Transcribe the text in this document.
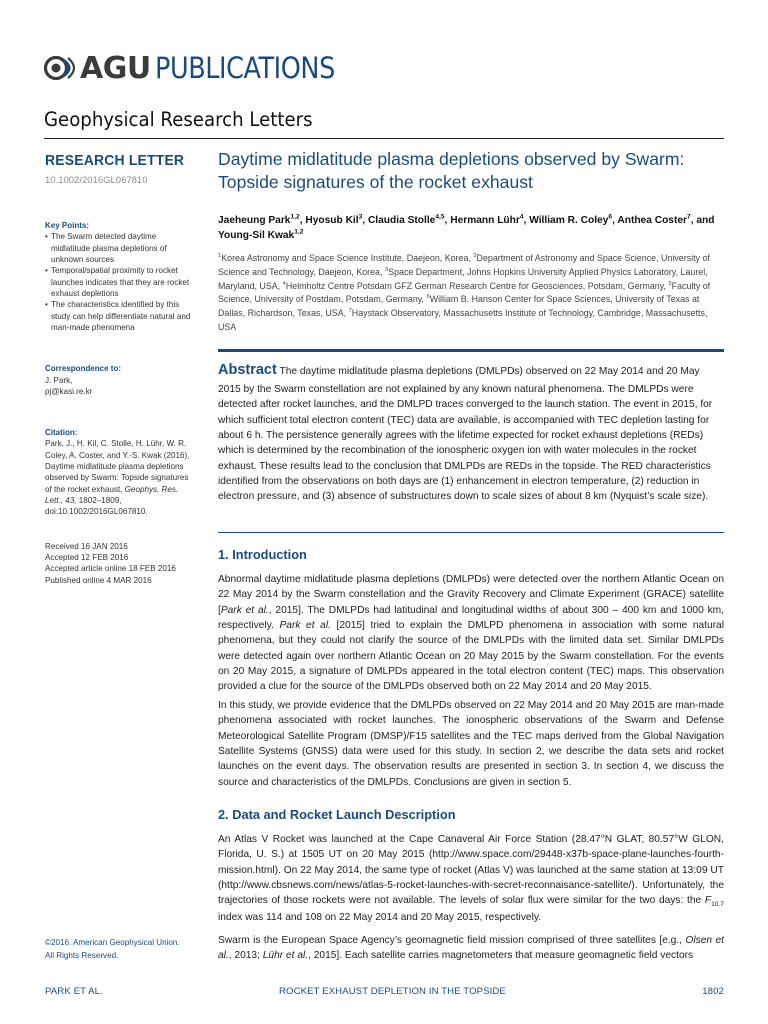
AGU PUBLICATIONS
Geophysical Research Letters
RESEARCH LETTER
10.1002/2016GL067810
Key Points:
• The Swarm detected daytime midlatitude plasma depletions of unknown sources
• Temporal/spatial proximity to rocket launches indicates that they are rocket exhaust depletions
• The characteristics identified by this study can help differentiate natural and man-made phenomena
Correspondence to:
J. Park,
pj@kasi.re.kr
Citation:
Park, J., H. Kil, C. Stolle, H. Lühr, W. R. Coley, A. Coster, and Y.-S. Kwak (2016), Daytime midlatitude plasma depletions observed by Swarm: Topside signatures of the rocket exhaust, Geophys. Res. Lett., 43, 1802–1809, doi:10.1002/2016GL067810.
Received 16 JAN 2016
Accepted 12 FEB 2016
Accepted article online 18 FEB 2016
Published online 4 MAR 2016
©2016. American Geophysical Union.
All Rights Reserved.
Daytime midlatitude plasma depletions observed by Swarm: Topside signatures of the rocket exhaust
Jaeheung Park$^{1,2}$, Hyosub Kil$^3$, Claudia Stolle$^{4,5}$, Hermann Lühr$^4$, William R. Coley$^6$, Anthea Coster$^7$, and Young-Sil Kwak$^{1,2}$
$^1$Korea Astronomy and Space Science Institute, Daejeon, Korea, $^2$Department of Astronomy and Space Science, University of Science and Technology, Daejeon, Korea, $^3$Space Department, Johns Hopkins University Applied Physics Laboratory, Laurel, Maryland, USA, $^4$Helmholtz Centre Potsdam GFZ German Research Centre for Geosciences, Potsdam, Germany, $^5$Faculty of Science, University of Postdam, Potsdam, Germany, $^6$William B. Hanson Center for Space Sciences, University of Texas at Dallas, Richardson, Texas, USA, $^7$Haystack Observatory, Massachusetts Institute of Technology, Cambridge, Massachusetts, USA
Abstract The daytime midlatitude plasma depletions (DMLPDs) observed on 22 May 2014 and 20 May 2015 by the Swarm constellation are not explained by any known natural phenomena. The DMLPDs were detected after rocket launches, and the DMLPD traces converged to the launch station. The event in 2015, for which sufficient total electron content (TEC) data are available, is accompanied with TEC depletion lasting for about 6 h. The persistence generally agrees with the lifetime expected for rocket exhaust depletions (REDs) which is determined by the recombination of the ionospheric oxygen ion with water molecules in the rocket exhaust. These results lead to the conclusion that DMLPDs are REDs in the topside. The RED characteristics identified from the observations on both days are (1) enhancement in electron temperature, (2) reduction in electron pressure, and (3) absence of substructures down to scale sizes of about 8 km (Nyquist’s scale size).
1. Introduction

Abnormal daytime midlatitude plasma depletions (DMLPDs) were detected over the northern Atlantic Ocean on 22 May 2014 by the Swarm constellation and the Gravity Recovery and Climate Experiment (GRACE) satellite [Park et al., 2015]. The DMLPDs had latitudinal and longitudinal widths of about 300 – 400 km and 1000 km, respectively. Park et al. [2015] tried to explain the DMLPD phenomena in association with some natural phenomena, but they could not clarify the source of the DMLPDs with the limited data set. Similar DMLPDs were detected again over northern Atlantic Ocean on 20 May 2015 by the Swarm constellation. For the events on 20 May 2015, a signature of DMLPDs appeared in the total electron content (TEC) maps. This observation provided a clue for the source of the DMLPDs observed both on 22 May 2014 and 20 May 2015.

In this study, we provide evidence that the DMLPDs observed on 22 May 2014 and 20 May 2015 are man-made phenomena associated with rocket launches. The ionospheric observations of the Swarm and Defense Meteorological Satellite Program (DMSP)/F15 satellites and the TEC maps derived from the Global Navigation Satellite Systems (GNSS) data were used for this study. In section 2, we describe the data sets and rocket launches on the event days. The observation results are presented in section 3. In section 4, we discuss the source and characteristics of the DMLPDs. Conclusions are given in section 5.

2. Data and Rocket Launch Description

An Atlas V Rocket was launched at the Cape Canaveral Air Force Station (28.47°N GLAT, 80.57°W GLON, Florida, U. S.) at 1505 UT on 20 May 2015 (http://www.space.com/29448-x37b-space-plane-launches-fourth-mission.html). On 22 May 2014, the same type of rocket (Atlas V) was launched at the same station at 13:09 UT (http://www.cbsnews.com/news/atlas-5-rocket-launches-with-secret-reconnaisance-satellite/). Unfortunately, the trajectories of those rockets were not available. The levels of solar flux were similar for the two days: the $F_{10.7}$ index was 114 and 108 on 22 May 2014 and 20 May 2015, respectively.

Swarm is the European Space Agency’s geomagnetic field mission comprised of three satellites [e.g., Olsen et al., 2013; Lühr et al., 2015]. Each satellite carries magnetometers that measure geomagnetic field vectors

PARK ET AL.	ROCKET EXHAUST DEPLETION IN THE TOPSIDE	1802
